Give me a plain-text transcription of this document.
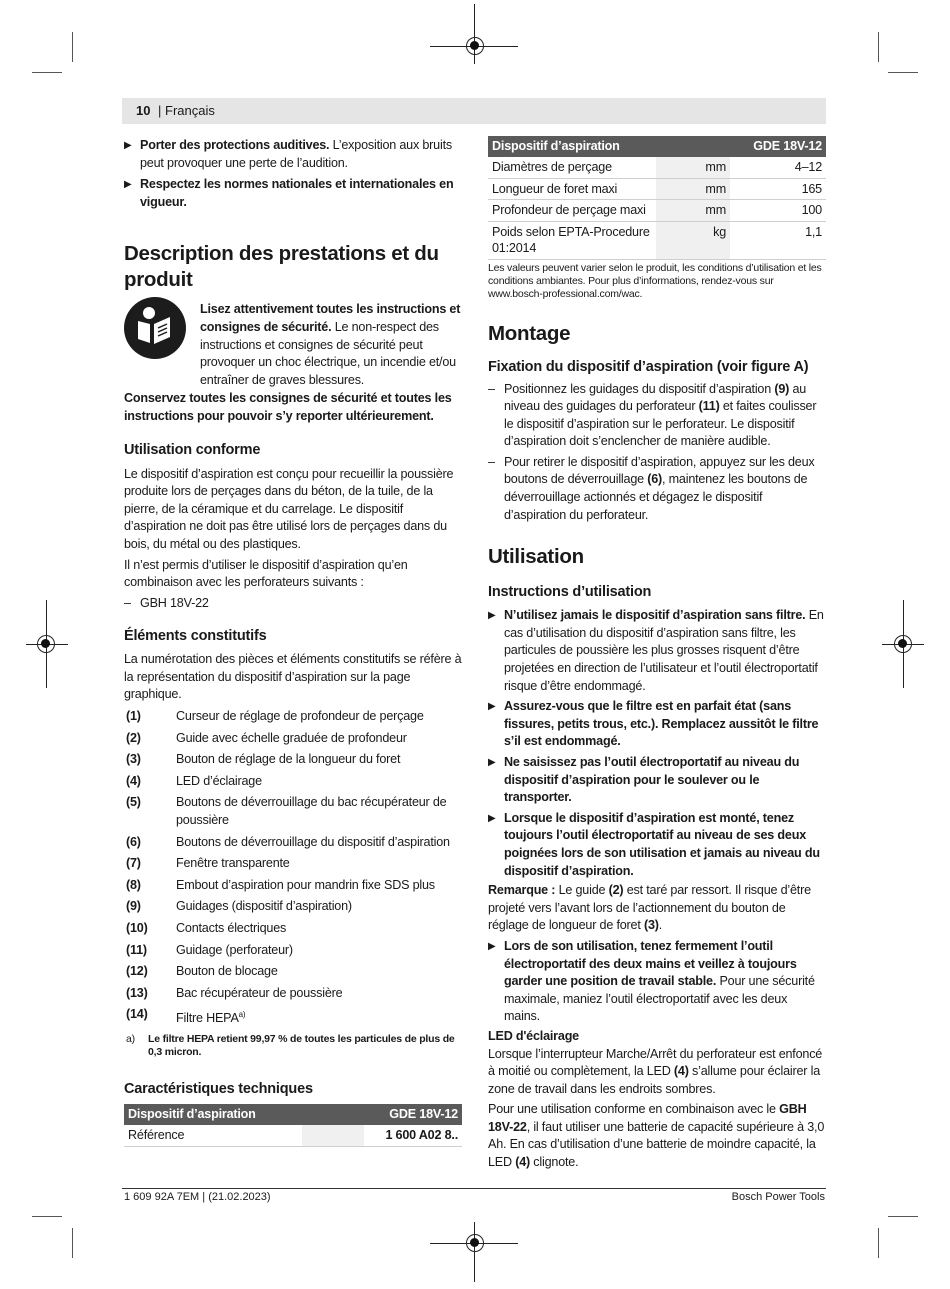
10 | Français

▶ Porter des protections auditives. L’exposition aux bruits peut provoquer une perte de l’audition.

▶ Respectez les normes nationales et internationales en vigueur.

Description des prestations et du produit

Lisez attentivement toutes les instructions et consignes de sécurité. Le non-respect des instructions et consignes de sécurité peut provoquer un choc électrique, un incendie et/ou entraîner de graves blessures.

Conservez toutes les consignes de sécurité et toutes les instructions pour pouvoir s’y reporter ultérieurement.

Utilisation conforme

Le dispositif d’aspiration est conçu pour recueillir la poussière produite lors de perçages dans du béton, de la tuile, de la pierre, de la céramique et du carrelage. Le dispositif d’aspiration ne doit pas être utilisé lors de perçages dans du bois, du métal ou des plastiques.

Il n’est permis d’utiliser le dispositif d’aspiration qu’en combinaison avec les perforateurs suivants :

– GBH 18V-22

Éléments constitutifs

La numérotation des pièces et éléments constitutifs se réfère à la représentation du dispositif d’aspiration sur la page graphique.

(1)	Curseur de réglage de profondeur de perçage
(2)	Guide avec échelle graduée de profondeur
(3)	Bouton de réglage de la longueur du foret
(4)	LED d’éclairage
(5)	Boutons de déverrouillage du bac récupérateur de poussière
(6)	Boutons de déverrouillage du dispositif d’aspiration
(7)	Fenêtre transparente
(8)	Embout d’aspiration pour mandrin fixe SDS plus
(9)	Guidages (dispositif d’aspiration)
(10) Contacts électriques
(11) Guidage (perforateur)
(12) Bouton de blocage
(13) Bac récupérateur de poussière
(14) Filtre HEPA$^{a)}$
a) Le filtre HEPA retient 99,97 % de toutes les particules de plus de 0,3 micron.
Caractéristiques techniques
Dispositif d’aspiration	GDE 18V-12
Référence	1 600 A02 8..
Dispositif d’aspiration		GDE 18V-12
Diamètres de perçage	mm	4–12
Longueur de foret maxi	mm	165
Profondeur de perçage maxi	mm	100
Poids selon EPTA-Procedure 01:2014	kg	1,1

Les valeurs peuvent varier selon le produit, les conditions d’utilisation et les conditions ambiantes. Pour plus d’informations, rendez-vous sur www.bosch-professional.com/wac.

Montage
Fixation du dispositif d’aspiration (voir figure A)

– Positionnez les guidages du dispositif d’aspiration (9) au niveau des guidages du perforateur (11) et faites coulisser le dispositif d’aspiration sur le perforateur. Le dispositif d’aspiration doit s’enclencher de manière audible.

– Pour retirer le dispositif d’aspiration, appuyez sur les deux boutons de déverrouillage (6), maintenez les boutons de déverrouillage actionnés et dégagez le dispositif d’aspiration du perforateur.

Utilisation
Instructions d’utilisation

▶ N’utilisez jamais le dispositif d’aspiration sans filtre. En cas d’utilisation du dispositif d’aspiration sans filtre, les particules de poussière les plus grosses risquent d’être projetées en direction de l’utilisateur et l’outil électroportatif risque d’être endommagé.

▶ Assurez-vous que le filtre est en parfait état (sans fissures, petits trous, etc.). Remplacez aussitôt le filtre s’il est endommagé.

▶ Ne saisissez pas l’outil électroportatif au niveau du dispositif d’aspiration pour le soulever ou le transporter.

▶ Lorsque le dispositif d’aspiration est monté, tenez toujours l’outil électroportatif au niveau de ses deux poignées lors de son utilisation et jamais au niveau du dispositif d’aspiration.

Remarque : Le guide (2) est taré par ressort. Il risque d’être projeté vers l’avant lors de l’actionnement du bouton de réglage de longueur de foret (3).

▶ Lors de son utilisation, tenez fermement l’outil électroportatif des deux mains et veillez à toujours garder une position de travail stable. Pour une sécurité maximale, maniez l’outil électroportatif avec les deux mains.

LED d'éclairage

Lorsque l’interrupteur Marche/Arrêt du perforateur est enfoncé à moitié ou complètement, la LED (4) s’allume pour éclairer la zone de travail dans les endroits sombres.

Pour une utilisation conforme en combinaison avec le GBH 18V-22, il faut utiliser une batterie de capacité supérieure à 3,0 Ah. En cas d’utilisation d’une batterie de moindre capacité, la LED (4) clignote.

1 609 92A 7EM | (21.02.2023)	Bosch Power Tools
